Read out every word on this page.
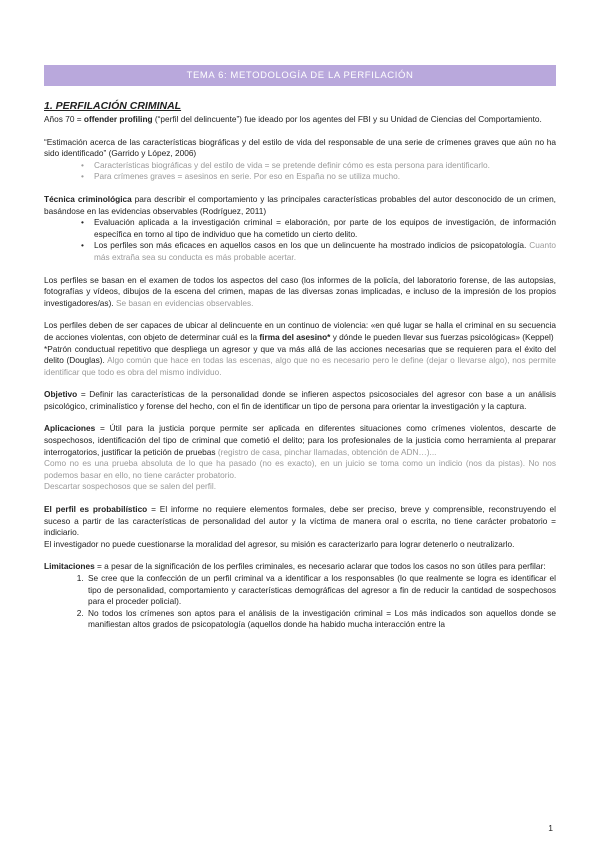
TEMA 6: METODOLOGÍA DE LA PERFILACIÓN
1. PERFILACIÓN CRIMINAL

Años 70 = offender profiling (“perfil del delincuente”) fue ideado por los agentes del FBI y su Unidad de Ciencias del Comportamiento.

“Estimación acerca de las características biográficas y del estilo de vida del responsable de una serie de crímenes graves que aún no ha sido identificado” (Garrido y López, 2006)

• Características biográficas y del estilo de vida = se pretende definir cómo es esta persona para identificarlo.
• Para crímenes graves = asesinos en serie. Por eso en España no se utiliza mucho.

Técnica criminológica para describir el comportamiento y las principales características probables del autor desconocido de un crimen, basándose en las evidencias observables (Rodríguez, 2011)

• Evaluación aplicada a la investigación criminal = elaboración, por parte de los equipos de investigación, de información específica en torno al tipo de individuo que ha cometido un cierto delito.
• Los perfiles son más eficaces en aquellos casos en los que un delincuente ha mostrado indicios de psicopatología. Cuanto más extraña sea su conducta es más probable acertar.

Los perfiles se basan en el examen de todos los aspectos del caso (los informes de la policía, del laboratorio forense, de las autopsias, fotografías y vídeos, dibujos de la escena del crimen, mapas de las diversas zonas implicadas, e incluso de la impresión de los propios investigadores/as). Se basan en evidencias observables.

Los perfiles deben de ser capaces de ubicar al delincuente en un continuo de violencia: «en qué lugar se halla el criminal en su secuencia de acciones violentas, con objeto de determinar cuál es la firma del asesino* y dónde le pueden llevar sus fuerzas psicológicas» (Keppel)

*Patrón conductual repetitivo que despliega un agresor y que va más allá de las acciones necesarias que se requieren para el éxito del delito (Douglas). Algo común que hace en todas las escenas, algo que no es necesario pero le define (dejar o llevarse algo), nos permite identificar que todo es obra del mismo individuo.

Objetivo = Definir las características de la personalidad donde se infieren aspectos psicosociales del agresor con base a un análisis psicológico, criminalístico y forense del hecho, con el fin de identificar un tipo de persona para orientar la investigación y la captura.

Aplicaciones = Útil para la justicia porque permite ser aplicada en diferentes situaciones como crímenes violentos, descarte de sospechosos, identificación del tipo de criminal que cometió el delito; para los profesionales de la justicia como herramienta al preparar interrogatorios, justificar la petición de pruebas (registro de casa, pinchar llamadas, obtención de ADN…)...

Como no es una prueba absoluta de lo que ha pasado (no es exacto), en un juicio se toma como un indicio (nos da pistas). No nos podemos basar en ello, no tiene carácter probatorio.

Descartar sospechosos que se salen del perfil.

El perfil es probabilístico = El informe no requiere elementos formales, debe ser preciso, breve y comprensible, reconstruyendo el suceso a partir de las características de personalidad del autor y la víctima de manera oral o escrita, no tiene carácter probatorio = indiciario.

El investigador no puede cuestionarse la moralidad del agresor, su misión es caracterizarlo para lograr detenerlo o neutralizarlo.

Limitaciones = a pesar de la significación de los perfiles criminales, es necesario aclarar que todos los casos no son útiles para perfilar:

1. Se cree que la confección de un perfil criminal va a identificar a los responsables (lo que realmente se logra es identificar el tipo de personalidad, comportamiento y características demográficas del agresor a fin de reducir la cantidad de sospechosos para el proceder policial).
2. No todos los crímenes son aptos para el análisis de la investigación criminal = Los más indicados son aquellos donde se manifiestan altos grados de psicopatología (aquellos donde ha habido mucha interacción entre la
1
